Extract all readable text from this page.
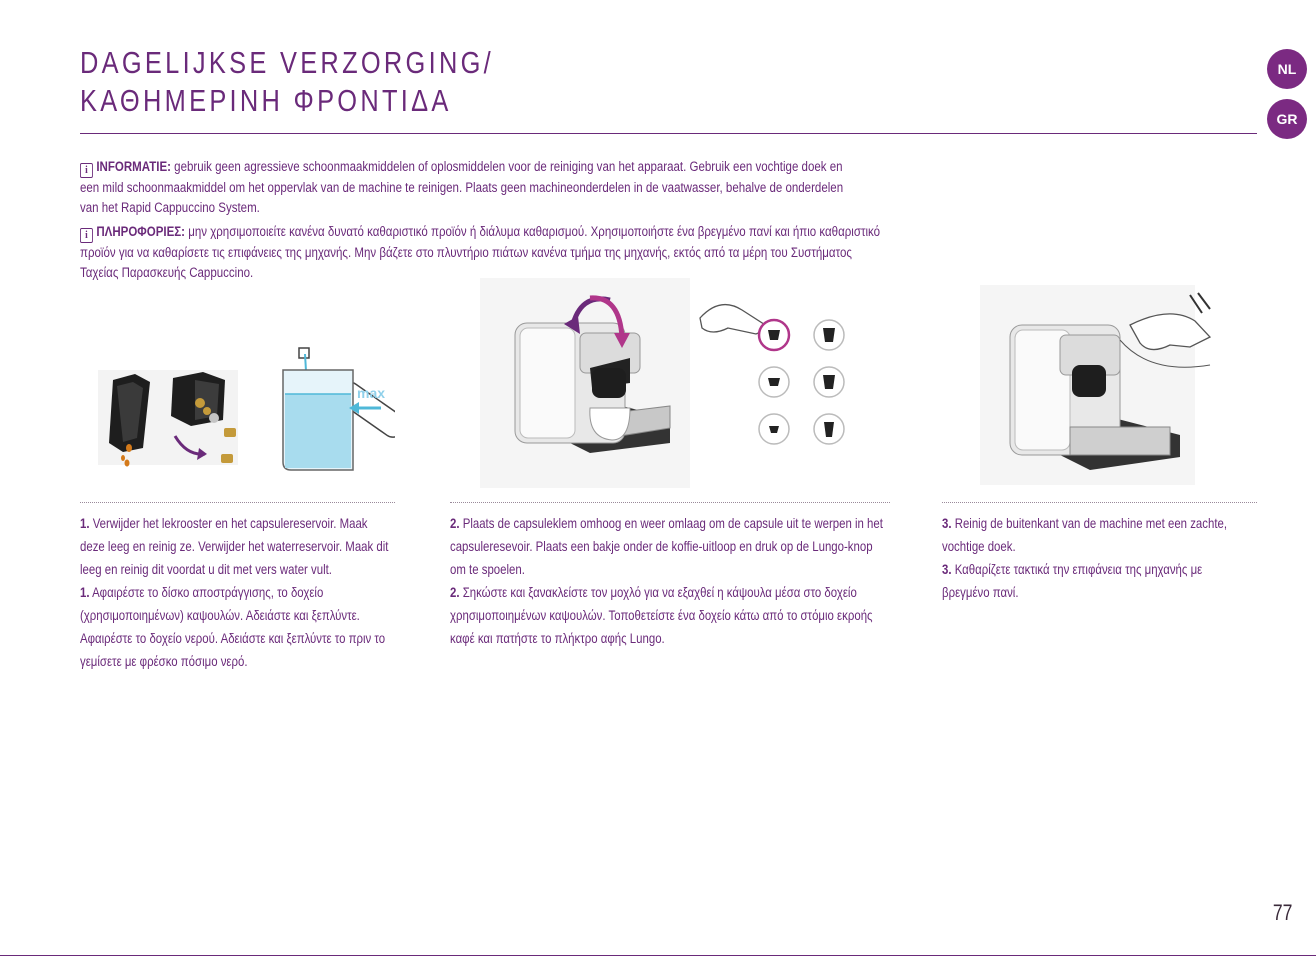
DAGELIJKSE VERZORGING/
ΚΑΘΗΜΕΡΙΝΗ ΦΡΟΝΤΙΔΑ
NL
GR
i INFORMATIE: gebruik geen agressieve schoonmaakmiddelen of oplosmiddelen voor de reiniging van het apparaat. Gebruik een vochtige doek en een mild schoonmaakmiddel om het oppervlak van de machine te reinigen. Plaats geen machineonderdelen in de vaatwasser, behalve de onderdelen van het Rapid Cappuccino System.
i ΠΛΗΡΟΦΟΡΙΕΣ: μην χρησιμοποιείτε κανένα δυνατό καθαριστικό προϊόν ή διάλυμα καθαρισμού. Χρησιμοποιήστε ένα βρεγμένο πανί και ήπιο καθαριστικό προϊόν για να καθαρίσετε τις επιφάνειες της μηχανής. Μην βάζετε στο πλυντήριο πιάτων κανένα τμήμα της μηχανής, εκτός από τα μέρη του Συστήματος Ταχείας Παρασκευής Cappuccino.
max

1. Verwijder het lekrooster en het capsulereservoir. Maak deze leeg en reinig ze. Verwijder het waterreservoir. Maak dit leeg en reinig dit voordat u dit met vers water vult.

1. Αφαιρέστε το δίσκο αποστράγγισης, το δοχείο (χρησιμοποιημένων) καψουλών. Αδειάστε και ξεπλύντε. Αφαιρέστε το δοχείο νερού. Αδειάστε και ξεπλύντε το πριν το γεμίσετε με φρέσκο πόσιμο νερό.

2. Plaats de capsuleklem omhoog en weer omlaag om de capsule uit te werpen in het capsuleresevoir. Plaats een bakje onder de koffie-uitloop en druk op de Lungo-knop om te spoelen.

2. Σηκώστε και ξανακλείστε τον μοχλό για να εξαχθεί η κάψουλα μέσα στο δοχείο χρησιμοποιημένων καψουλών. Τοποθετείστε ένα δοχείο κάτω από το στόμιο εκροής καφέ και πατήστε το πλήκτρο αφής Lungo.

3. Reinig de buitenkant van de machine met een zachte, vochtige doek.

3. Καθαρίζετε τακτικά την επιφάνεια της μηχανής με βρεγμένο πανί.

77
